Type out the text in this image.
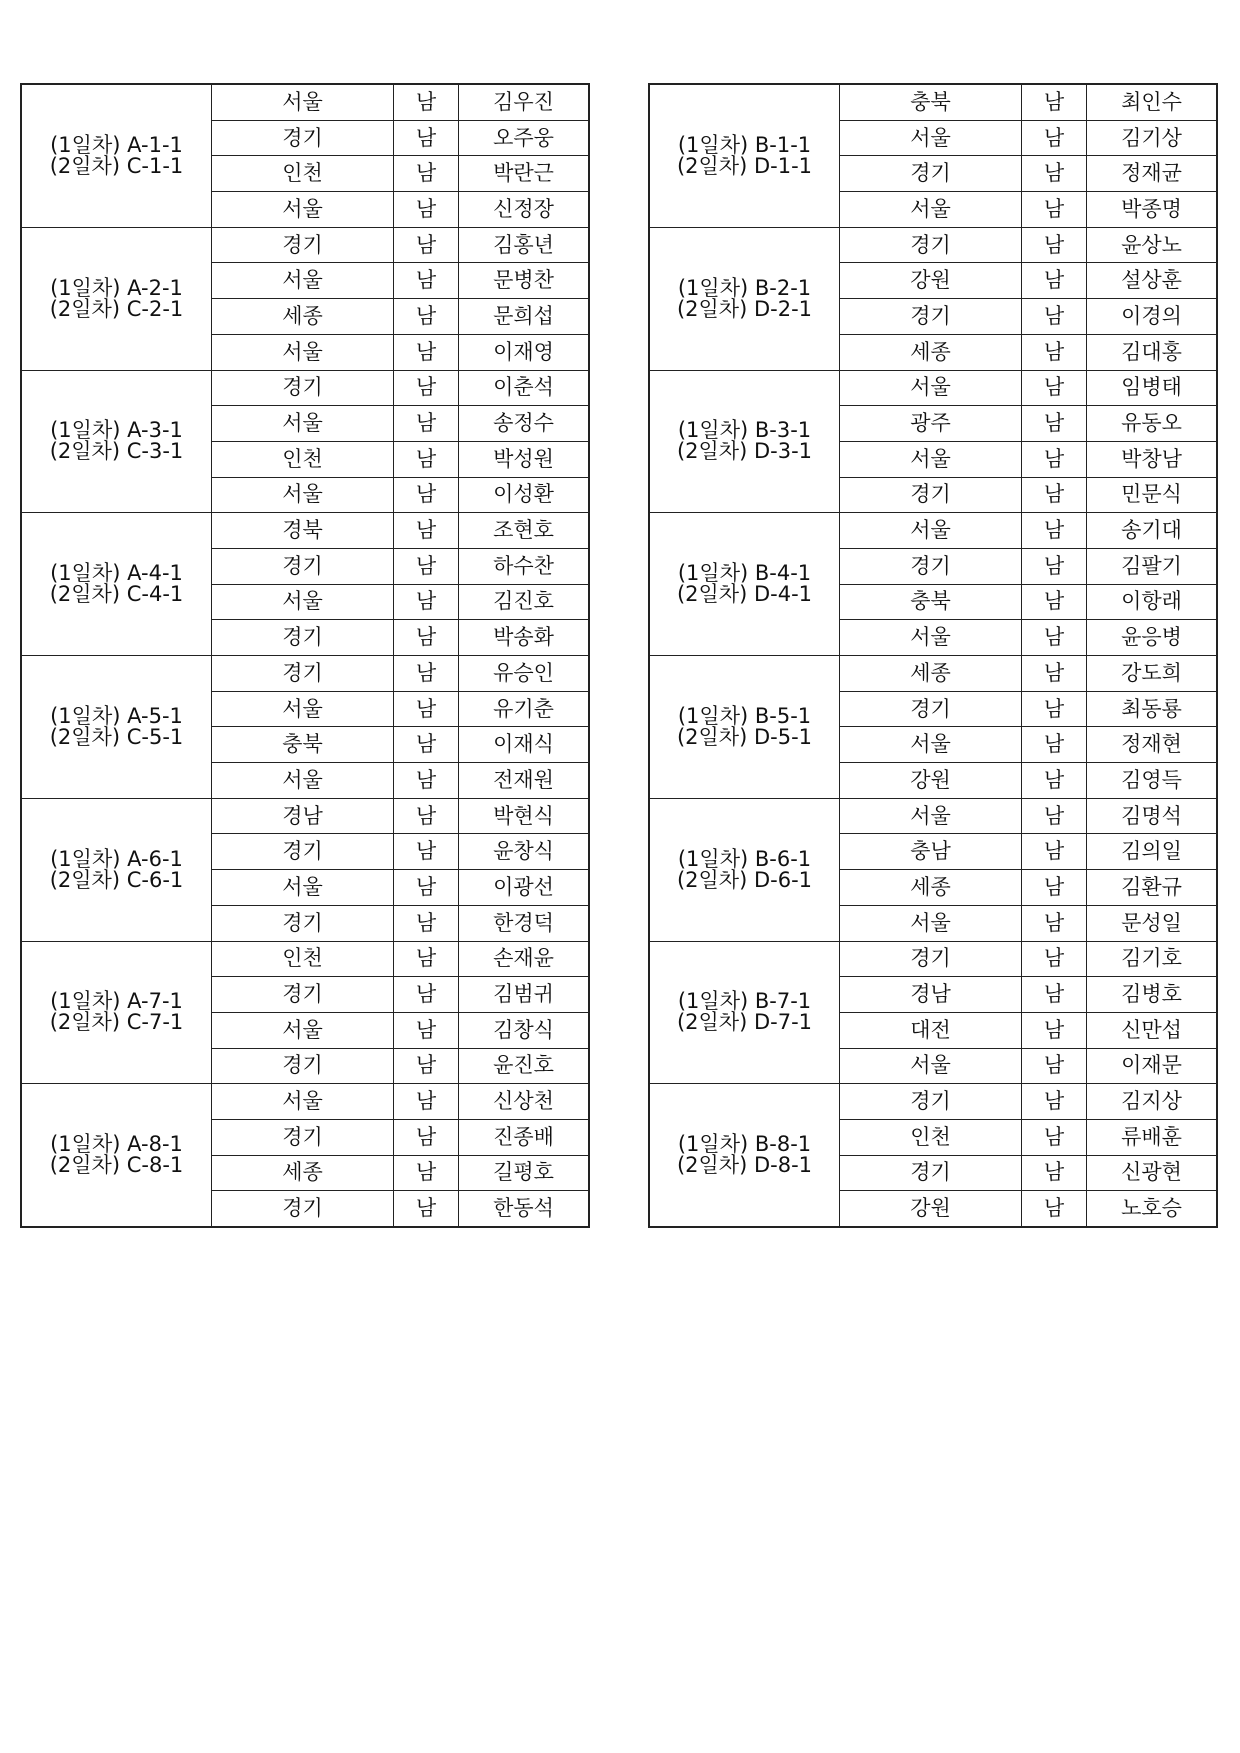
(1일차) A-1-1
(2일차) C-1-1	서울	남	김우진
	경기	남	오주웅
	인천	남	박란근
	서울	남	신정장

(1일차) A-2-1
(2일차) C-2-1	경기	남	김홍년
	서울	남	문병찬
	세종	남	문희섭
	서울	남	이재영

(1일차) A-3-1
(2일차) C-3-1	경기	남	이춘석
	서울	남	송정수
	인천	남	박성원
	서울	남	이성환

(1일차) A-4-1
(2일차) C-4-1	경북	남	조현호
	경기	남	하수찬
	서울	남	김진호
	경기	남	박송화

(1일차) A-5-1
(2일차) C-5-1	경기	남	유승인
	서울	남	유기춘
	충북	남	이재식
	서울	남	전재원

(1일차) A-6-1
(2일차) C-6-1	경남	남	박현식
	경기	남	윤창식
	서울	남	이광선
	경기	남	한경덕

(1일차) A-7-1
(2일차) C-7-1	인천	남	손재윤
	경기	남	김범귀
	서울	남	김창식
	경기	남	윤진호

(1일차) A-8-1
(2일차) C-8-1	서울	남	신상천
	경기	남	진종배
	세종	남	길평호
	경기	남	한동석
(1일차) B-1-1
(2일차) D-1-1	충북	남	최인수
	서울	남	김기상
	경기	남	정재균
	서울	남	박종명

(1일차) B-2-1
(2일차) D-2-1	경기	남	윤상노
	강원	남	설상훈
	경기	남	이경의
	세종	남	김대홍

(1일차) B-3-1
(2일차) D-3-1	서울	남	임병태
	광주	남	유동오
	서울	남	박창남
	경기	남	민문식

(1일차) B-4-1
(2일차) D-4-1	서울	남	송기대
	경기	남	김팔기
	충북	남	이항래
	서울	남	윤응병

(1일차) B-5-1
(2일차) D-5-1	세종	남	강도희
	경기	남	최동룡
	서울	남	정재현
	강원	남	김영득

(1일차) B-6-1
(2일차) D-6-1	서울	남	김명석
	충남	남	김의일
	세종	남	김환규
	서울	남	문성일

(1일차) B-7-1
(2일차) D-7-1	경기	남	김기호
	경남	남	김병호
	대전	남	신만섭
	서울	남	이재문

(1일차) B-8-1
(2일차) D-8-1	경기	남	김지상
	인천	남	류배훈
	경기	남	신광현
	강원	남	노호승
